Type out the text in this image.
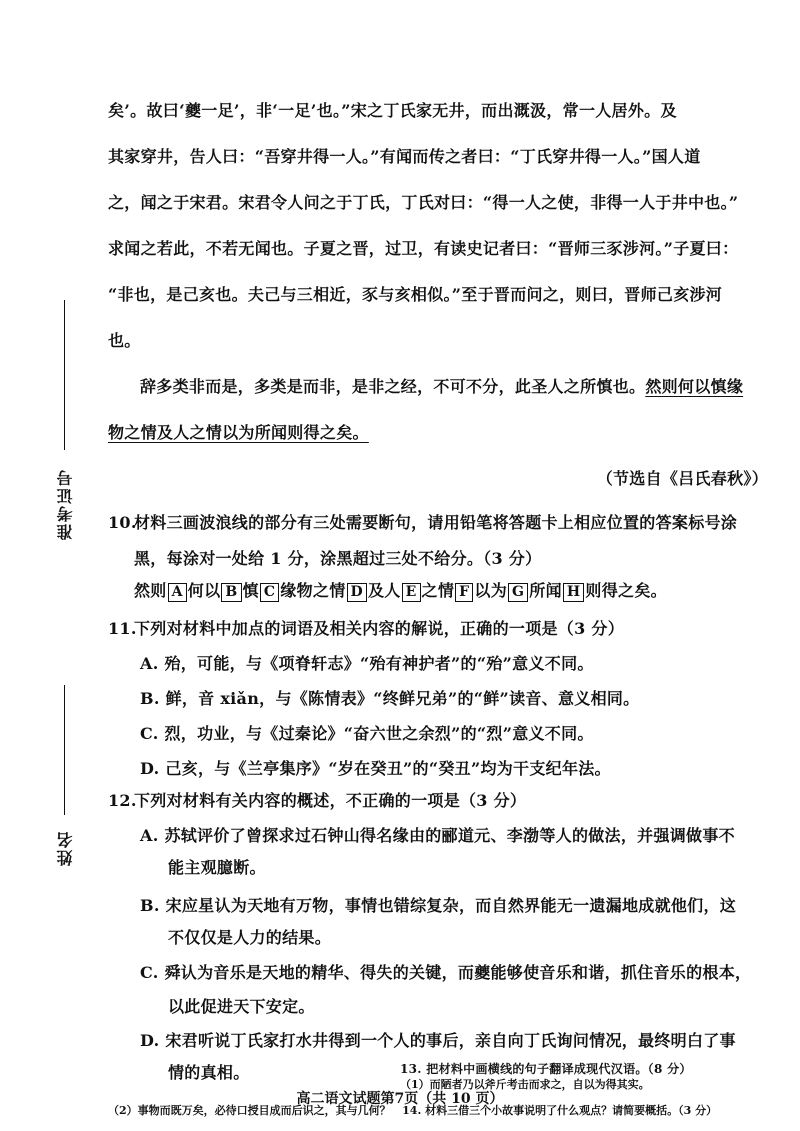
矣’。故曰‘夔一足’，非‘一足’也。”宋之丁氏家无井，而出溉汲，常一人居外。及
其家穿井，告人曰：“吾穿井得一人。”有闻而传之者曰：“丁氏穿井得一人。”国人道
之，闻之于宋君。宋君令人问之于丁氏，丁氏对曰：“得一人之使，非得一人于井中也。”
求闻之若此，不若无闻也。子夏之晋，过卫，有读史记者曰：“晋师三豕涉河。”子夏曰：
“非也，是己亥也。夫己与三相近，豕与亥相似。”至于晋而问之，则曰，晋师己亥涉河
也。
辞多类非而是，多类是而非，是非之经，不可不分，此圣人之所慎也。然则何以慎缘
物之情及人之情以为所闻则得之矣。
（节选自《吕氏春秋》）
10.材料三画波浪线的部分有三处需要断句，请用铅笔将答题卡上相应位置的答案标号涂
黑，每涂对一处给 1 分，涂黑超过三处不给分。（3 分）
然则 A 何以 B 慎 C 缘物之情 D 及人 E 之情 F 以为 G 所闻 H 则得之矣。
11.下列对材料中加点的词语及相关内容的解说，正确的一项是（3 分）
A. 殆，可能，与《项脊轩志》“殆有神护者”的“殆”意义不同。
B. 鲜，音 xiǎn，与《陈情表》“终鲜兄弟”的“鲜”读音、意义相同。
C. 烈，功业，与《过秦论》“奋六世之余烈”的“烈”意义不同。
D. 己亥，与《兰亭集序》“岁在癸丑”的“癸丑”均为干支纪年法。
12.下列对材料有关内容的概述，不正确的一项是（3 分）
A. 苏轼评价了曾探求过石钟山得名缘由的郦道元、李渤等人的做法，并强调做事不
能主观臆断。
B. 宋应星认为天地有万物，事情也错综复杂，而自然界能无一遗漏地成就他们，这
不仅仅是人力的结果。
C. 舜认为音乐是天地的精华、得失的关键，而夔能够使音乐和谐，抓住音乐的根本，
以此促进天下安定。
D. 宋君听说丁氏家打水井得到一个人的事后，亲自向丁氏询问情况，最终明白了事
情的真相。	13. 把材料中画横线的句子翻译成现代汉语。（8 分）
准考证号
姓名
高二语文试题第7页（共 10 页）
（1）而陋者乃以斧斤考击而求之，自以为得其实。
（2）事物而既万矣，必待口授目成而后识之，其与几何？ 14. 材料三借三个小故事说明了什么观点？请简要概括。（3 分）
